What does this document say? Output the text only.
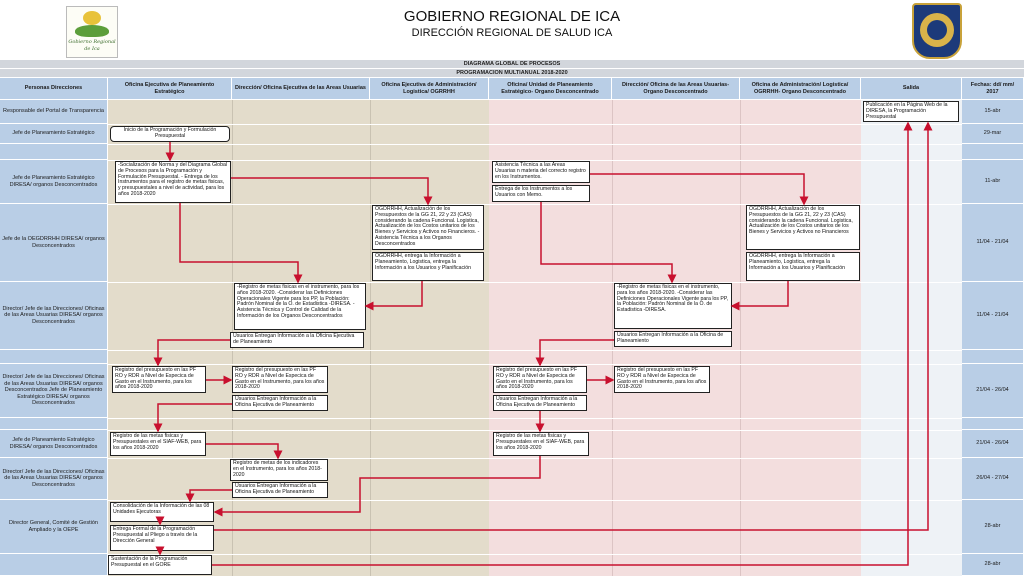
Gobierno Regional de Ica
GOBIERNO REGIONAL DE ICA
DIRECCIÓN REGIONAL DE SALUD ICA
DIAGRAMA GLOBAL DE PROCESOS
PROGRAMACION MULTIANUAL 2018-2020
Personas Direcciones
Oficina Ejecutiva de Planeamiento Estratégico
Dirección/ Oficina Ejecutiva de las Areas Usuarias
Oficina Ejecutiva de Administración/ Logistica/ OGRRHH
Oficina/ Unidad de Planeamiento Estratégico- Organo Desconcentrado
Dirección/ Oficina de las Areas Usuarias- Organo Desconcentrado
Oficina de Administración/ Logistica/ OGRRHH- Organo Desconcentrado
Salida
Fechas: dd/ mm/ 2017
Responsable del Portal de Transparencia	15-abr
Jefe de Planeamiento Estratégico	29-mar
Jefe de Planeamiento Estratégico DIRESA/ organos Desconcentrados
11-abr
Jefe de la OEGDRRHH DIRESA/ organos Desconcentrados
11/04 - 21/04
Director/ Jefe de las Direcciones/ Oficinas de las Areas Usuarias DIRESA/ organos Desconcentrados
11/04 - 21/04
Director/ Jefe de las Direcciones/ Oficinas de las Areas Usuarias DIRESA/ organos Desconcentrados Jefe de Planeamiento Estratégico DIRESA/ organos Desconcentrados
21/04 - 26/04
Jefe de Planeamiento Estratégico DIRESA/ organos Desconcentrados
21/04 - 26/04
Director/ Jefe de las Direcciones/ Oficinas de las Areas Usuarias DIRESA/ organos Desconcentrados
26/04 - 27/04
Director General, Comité de Gestión Ampliado y la OEPE
28-abr
28-abr
Publicación en la Página Web de la DIRESA, la Programación Presupuestal
Inicio de la Programación y Formulación Presupuestal
-Socialización de Norma y del Diagrama Global de Procesos para la Programación y Formulación Presupuestal. - Entrega de los Instrumentos para el registro de metas fisicas, y presupuestales a nivel de actividad, para los años 2018-2020
Asistencia Técnica a las Areas Usuarias n materia del correcto registro en los Instrumentos.
Entrega de los Instrumentos a los Usuarios con Memo.
OGDRRHH, Actualización de los Presupuestos de la GG 21, 22 y 23 (CAS) considerando la cadena Funcional. Logistica, Actualización de los Costos unitarios de los Bienes y Servicios y Activos no Financieros. -Asistencia Técnica a los Organos Desconcentrados
OGDRRHH, entrega la Información a Planeamiento, Logistica, entrega la Información a los Usuarios y Planificación
OGDRRHH, Actualización de los Presupuestos de la GG 21, 22 y 23 (CAS) considerando la cadena Funcional. Logistica, Actualización de los Costos unitarios de los Bienes y Servicios y Activos no Financieros
OGDRRHH, entrega la Información a Planeamiento, Logistica, entrega la Información a los Usuarios y Planificación
-Registro de metas fisicas en el instrumento, para los años 2018-2020. -Considerar las Definiciones Operacionales Vigente para los PP, la Población: Padrón Nominal de la O. de Estadistica -DIRESA. -Asistencia Técnica y Control de Calidad de la Información de los Organos Desconcentrados
Usuarios Entregan Información a la Oficina Ejecutiva de Planeamiento
-Registro de metas fisicas en el instrumento, para los años 2018-2020. -Considerar las Definiciones Operacionales Vigente para los PP, la Población: Padrón Nominal de la O. de Estadistica -DIRESA.
Usuarios Entregan Información a la Oficina de Planeamiento
Registro del presupuesto en las PF RO y RDR a Nivel de Especica de Gasto en el Instrumento, para los años 2018-2020
Registro del presupuesto en las PF RO y RDR a Nivel de Especica de Gasto en el Instrumento, para los años 2018-2020
Usuarios Entregan Información a la Oficina Ejecutiva de Planeamiento
Registro del presupuesto en las PF RO y RDR a Nivel de Especica de Gasto en el Instrumento, para los años 2018-2020
Registro del presupuesto en las PF RO y RDR a Nivel de Especica de Gasto en el Instrumento, para los años 2018-2020
Usuarios Entregan Información a la Oficina Ejecutiva de Planeamiento
Registro de las metas fisicas y Presupuestales en el SIAF-WEB, para los años 2018-2020
Registro de las metas fisicas y Presupuestales en el SIAF-WEB, para los años 2018-2020
Registro de metas de los indicadores en el Instrumento, para los años 2018-2020
Usuarios Entregan Información a la Oficina Ejecutiva de Planeamiento
Consolidación de la Información de las 08 Unidades Ejecutoras
Entrega Formal de la Programación Presupuestal al Pliego a través de la Dirección General
Sustentación de la Programación Presupuestal en el GORE
